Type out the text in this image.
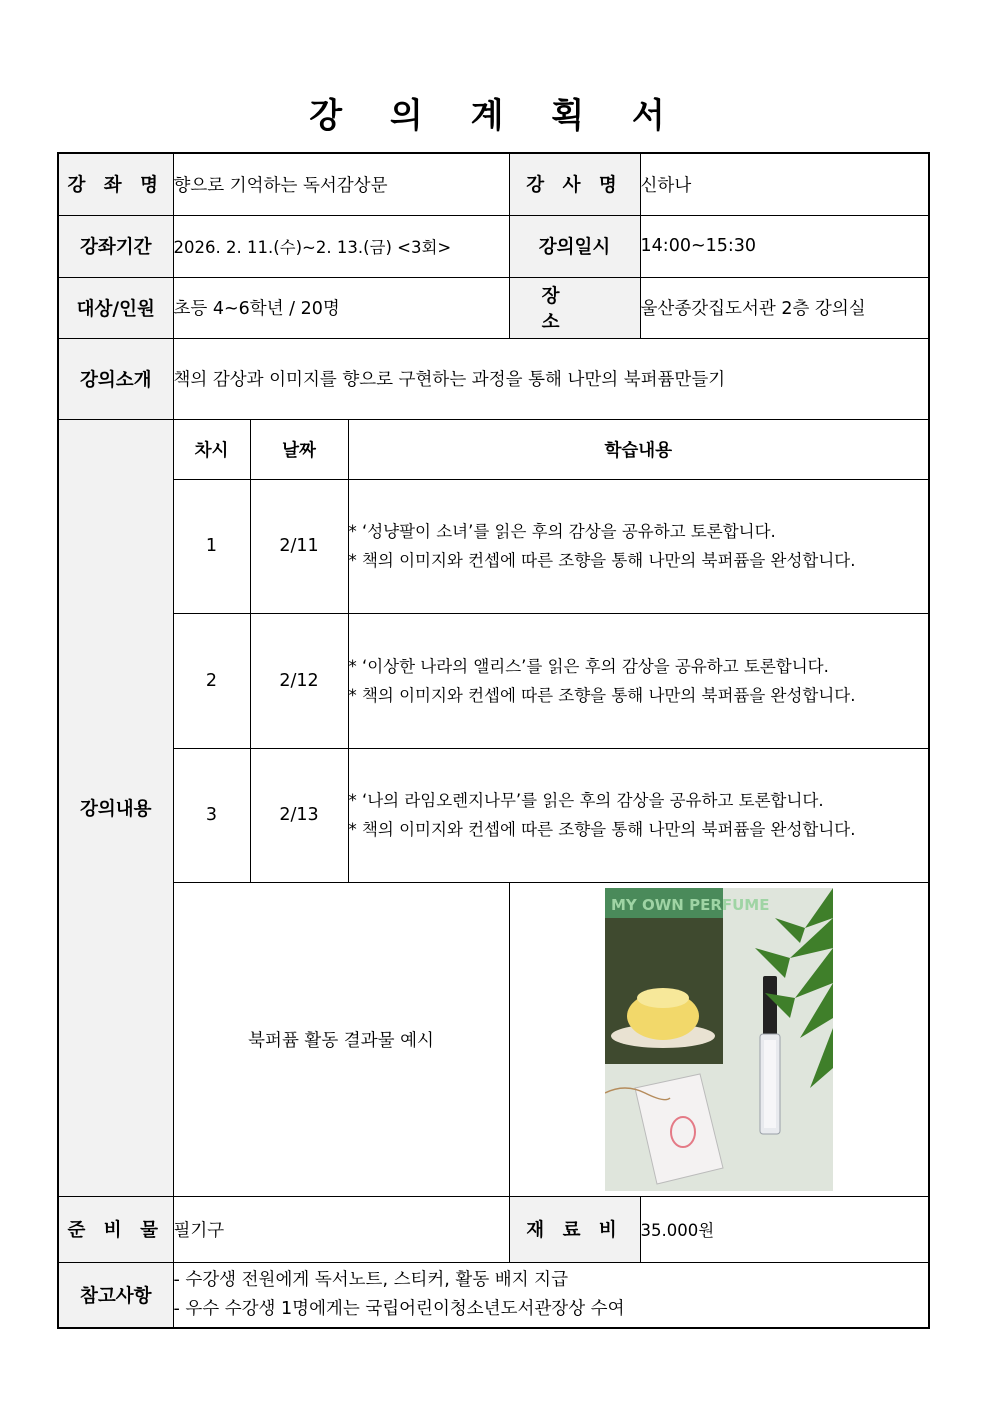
강 의 계 획 서
강 좌 명	향으로 기억하는 독서감상문			강 사 명	신하나
강좌기간	2026. 2. 11.(수)~2. 13.(금) <3회>			강의일시	14:00~15:30
대상/인원	초등 4~6학년 / 20명			장 소	울산종갓집도서관 2층 강의실
강의소개	책의 감상과 이미지를 향으로 구현하는 과정을 통해 나만의 북퍼퓸만들기				
강의내용	차시	날짜	학습내용		
	1	2/11	* ‘성냥팔이 소녀’를 읽은 후의 감상을 공유하고 토론합니다.
* 책의 이미지와 컨셉에 따른 조향을 통해 나만의 북퍼퓸을 완성합니다.		

	2	2/12	* ‘이상한 나라의 앨리스’를 읽은 후의 감상을 공유하고 토론합니다.
* 책의 이미지와 컨셉에 따른 조향을 통해 나만의 북퍼퓸을 완성합니다.		

	3	2/13	* ‘나의 라임오렌지나무’를 읽은 후의 감상을 공유하고 토론합니다.
* 책의 이미지와 컨셉에 따른 조향을 통해 나만의 북퍼퓸을 완성합니다.		

	북퍼퓸 활동 결과물 예시			MY OWN PERFUME	

준 비 물	필기구			재 료 비	35.000원
참고사항	- 수강생 전원에게 독서노트, 스티커, 활동 배지 지급
- 우수 수강생 1명에게는 국립어린이청소년도서관장상 수여				
